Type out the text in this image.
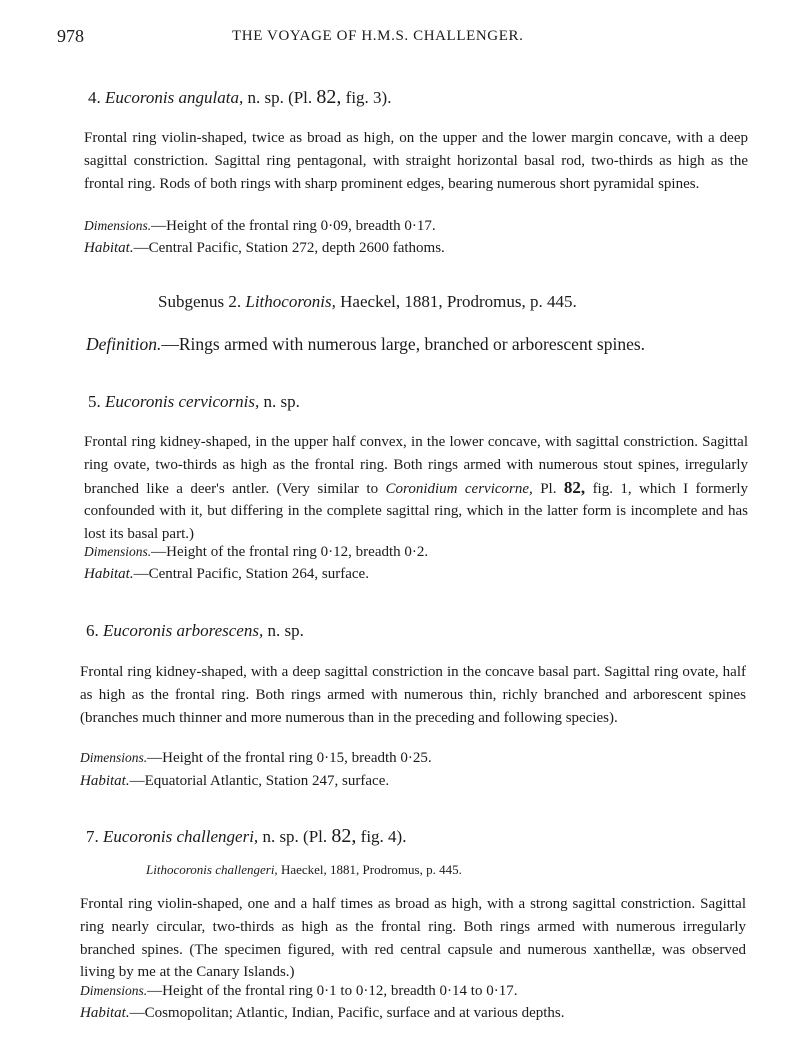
978	THE VOYAGE OF H.M.S. CHALLENGER.
4. Eucoronis angulata, n. sp. (Pl. 82, fig. 3).
Frontal ring violin-shaped, twice as broad as high, on the upper and the lower margin concave, with a deep sagittal constriction. Sagittal ring pentagonal, with straight horizontal basal rod, two-thirds as high as the frontal ring. Rods of both rings with sharp prominent edges, bearing numerous short pyramidal spines.
Dimensions.—Height of the frontal ring 0·09, breadth 0·17.
Habitat.—Central Pacific, Station 272, depth 2600 fathoms.
Subgenus 2. Lithocoronis, Haeckel, 1881, Prodromus, p. 445.
Definition.—Rings armed with numerous large, branched or arborescent spines.
5. Eucoronis cervicornis, n. sp.
Frontal ring kidney-shaped, in the upper half convex, in the lower concave, with sagittal constriction. Sagittal ring ovate, two-thirds as high as the frontal ring. Both rings armed with numerous stout spines, irregularly branched like a deer's antler. (Very similar to Coronidium cervicorne, Pl. 82, fig. 1, which I formerly confounded with it, but differing in the complete sagittal ring, which in the latter form is incomplete and has lost its basal part.)
Dimensions.—Height of the frontal ring 0·12, breadth 0·2.
Habitat.—Central Pacific, Station 264, surface.
6. Eucoronis arborescens, n. sp.
Frontal ring kidney-shaped, with a deep sagittal constriction in the concave basal part. Sagittal ring ovate, half as high as the frontal ring. Both rings armed with numerous thin, richly branched and arborescent spines (branches much thinner and more numerous than in the preceding and following species).
Dimensions.—Height of the frontal ring 0·15, breadth 0·25.
Habitat.—Equatorial Atlantic, Station 247, surface.
7. Eucoronis challengeri, n. sp. (Pl. 82, fig. 4).
Lithocoronis challengeri, Haeckel, 1881, Prodromus, p. 445.
Frontal ring violin-shaped, one and a half times as broad as high, with a strong sagittal constriction. Sagittal ring nearly circular, two-thirds as high as the frontal ring. Both rings armed with numerous irregularly branched spines. (The specimen figured, with red central capsule and numerous xanthellæ, was observed living by me at the Canary Islands.)
Dimensions.—Height of the frontal ring 0·1 to 0·12, breadth 0·14 to 0·17.
Habitat.—Cosmopolitan; Atlantic, Indian, Pacific, surface and at various depths.
